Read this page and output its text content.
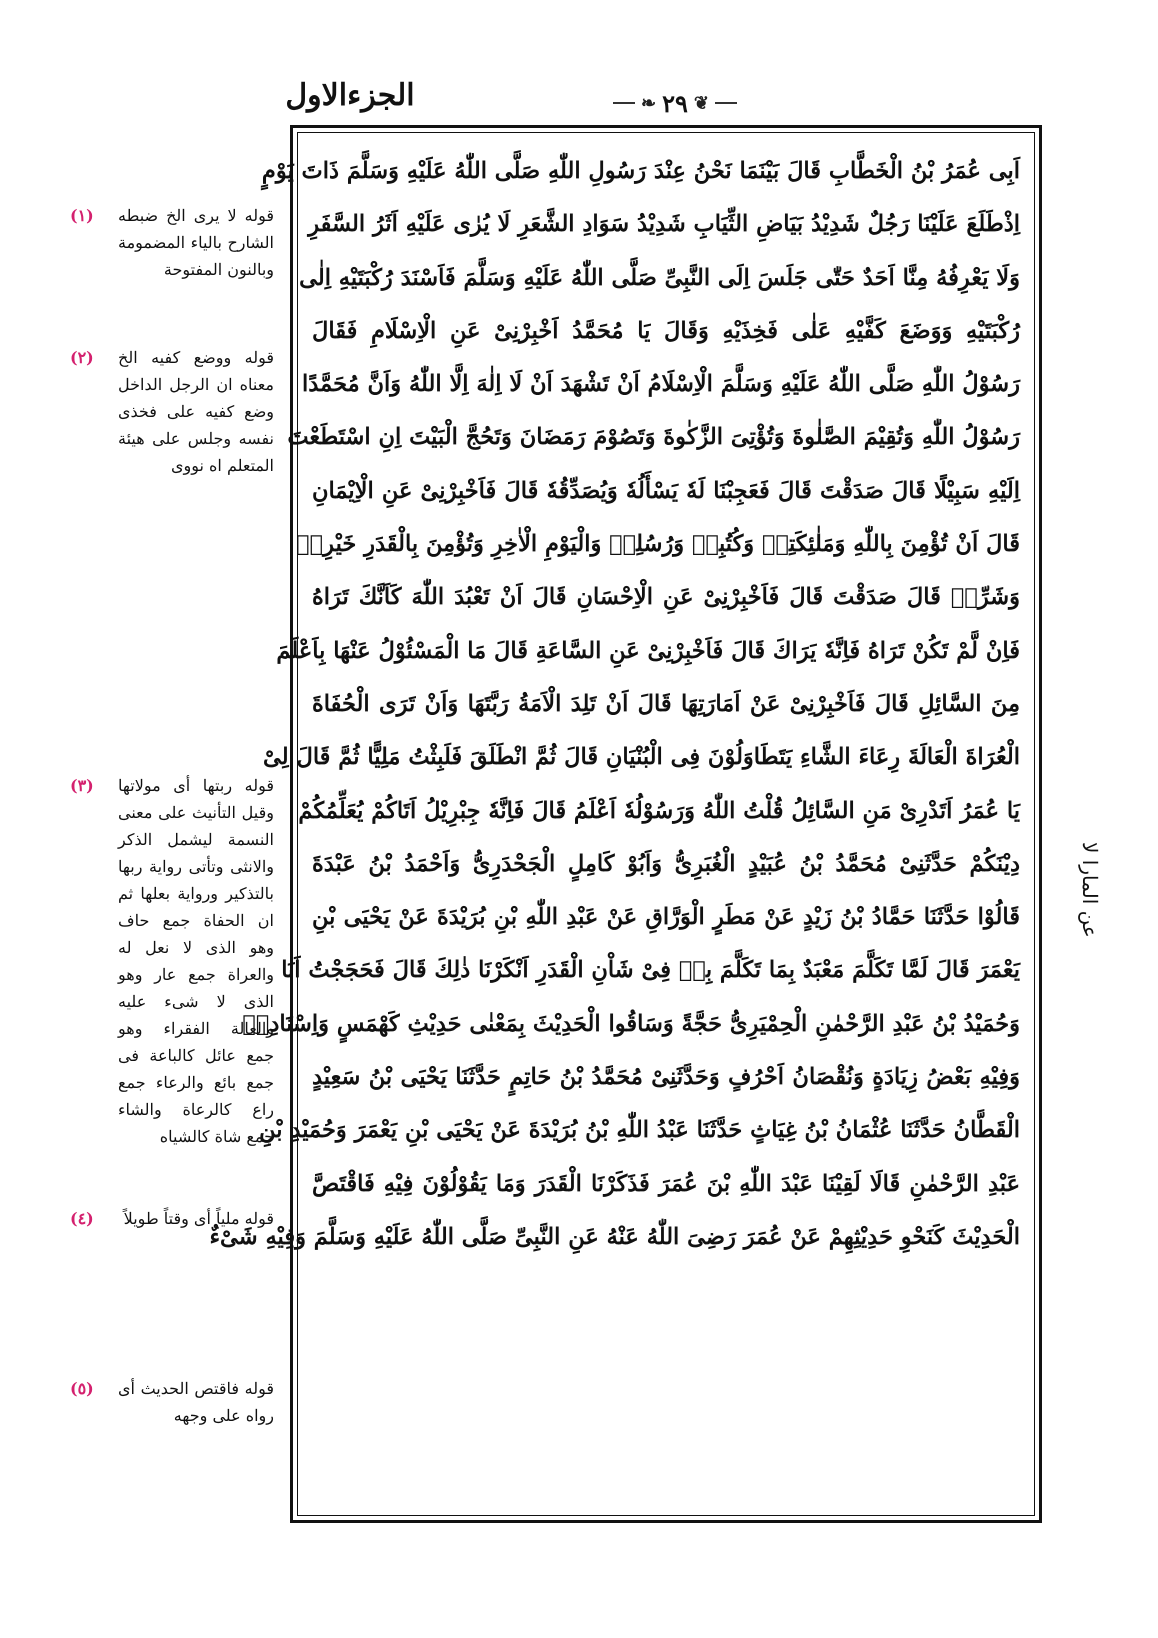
الجزءالاول	❦
٢٩
❧
اَبِی عُمَرُ بْنُ الْخَطَّابِ قَالَ بَیْنَمَا نَحْنُ عِنْدَ رَسُولِ اللّٰهِ صَلَّی اللّٰهُ عَلَیْهِ وَسَلَّمَ ذَاتَ یَوْمٍ
اِذْطَلَعَ عَلَیْنَا رَجُلٌ شَدِیْدُ بَیَاضِ الثِّیَابِ شَدِیْدُ سَوَادِ الشَّعَرِ لَا یُرٰی عَلَیْهِ اَثَرُ السَّفَرِ
وَلَا یَعْرِفُهُ مِنَّا اَحَدٌ حَتّٰی جَلَسَ اِلَی النَّبِیِّ صَلَّی اللّٰهُ عَلَیْهِ وَسَلَّمَ فَاَسْنَدَ رُكْبَتَیْهِ اِلٰی
رُكْبَتَیْهِ وَوَضَعَ كَفَّیْهِ عَلٰی فَخِذَیْهِ وَقَالَ یَا مُحَمَّدُ اَخْبِرْنِیْ عَنِ الْاِسْلَامِ فَقَالَ
رَسُوْلُ اللّٰهِ صَلَّی اللّٰهُ عَلَیْهِ وَسَلَّمَ الْاِسْلَامُ اَنْ تَشْهَدَ اَنْ لَا اِلٰهَ اِلَّا اللّٰهُ وَاَنَّ مُحَمَّدًا
رَسُوْلُ اللّٰهِ وَتُقِیْمَ الصَّلٰوةَ وَتُؤْتِیَ الزَّكٰوةَ وَتَصُوْمَ رَمَضَانَ وَتَحُجَّ الْبَیْتَ اِنِ اسْتَطَعْتَ
اِلَیْهِ سَبِیْلًا قَالَ صَدَقْتَ قَالَ فَعَجِبْنَا لَهٗ یَسْأَلُهٗ وَیُصَدِّقُهٗ قَالَ فَاَخْبِرْنِیْ عَنِ الْاِیْمَانِ
قَالَ اَنْ تُؤْمِنَ بِاللّٰهِ وَمَلٰئِكَتِهٖ وَكُتُبِهٖ وَرُسُلِهٖ وَالْیَوْمِ الْاٰخِرِ وَتُؤْمِنَ بِالْقَدَرِ خَیْرِهٖ
وَشَرِّهٖ قَالَ صَدَقْتَ قَالَ فَاَخْبِرْنِیْ عَنِ الْاِحْسَانِ قَالَ اَنْ تَعْبُدَ اللّٰهَ كَاَنَّكَ تَرَاهُ
فَاِنْ لَّمْ تَكُنْ تَرَاهُ فَاِنَّهٗ یَرَاكَ قَالَ فَاَخْبِرْنِیْ عَنِ السَّاعَةِ قَالَ مَا الْمَسْئُوْلُ عَنْهَا بِاَعْلَمَ
مِنَ السَّائِلِ قَالَ فَاَخْبِرْنِیْ عَنْ اَمَارَتِهَا قَالَ اَنْ تَلِدَ الْاَمَةُ رَبَّتَهَا وَاَنْ تَرَی الْحُفَاةَ
الْعُرَاةَ الْعَالَةَ رِعَاءَ الشَّاءِ یَتَطَاوَلُوْنَ فِی الْبُنْیَانِ قَالَ ثُمَّ انْطَلَقَ فَلَبِثْتُ مَلِیًّا ثُمَّ قَالَ لِیْ
یَا عُمَرُ اَتَدْرِیْ مَنِ السَّائِلُ قُلْتُ اللّٰهُ وَرَسُوْلُهٗ اَعْلَمُ قَالَ فَاِنَّهٗ جِبْرِیْلُ اَتَاكُمْ یُعَلِّمُكُمْ
دِیْنَكُمْ حَدَّثَنِیْ مُحَمَّدُ بْنُ عُبَیْدٍ الْغُبَرِیُّ وَاَبُوْ كَامِلٍ الْجَحْدَرِیُّ وَاَحْمَدُ بْنُ عَبْدَةَ
قَالُوْا حَدَّثَنَا حَمَّادُ بْنُ زَیْدٍ عَنْ مَطَرٍ الْوَرَّاقِ عَنْ عَبْدِ اللّٰهِ بْنِ بُرَیْدَةَ عَنْ یَحْیَی بْنِ
یَعْمَرَ قَالَ لَمَّا تَكَلَّمَ مَعْبَدٌ بِمَا تَكَلَّمَ بِهٖ فِیْ شَاْنِ الْقَدَرِ اَنْكَرْنَا ذٰلِكَ قَالَ فَحَجَجْتُ اَنَا
وَحُمَیْدُ بْنُ عَبْدِ الرَّحْمٰنِ الْحِمْیَرِیُّ حَجَّةً وَسَاقُوا الْحَدِیْثَ بِمَعْنٰی حَدِیْثِ كَهْمَسٍ وَاِسْنَادِهٖ
وَفِیْهِ بَعْضُ زِیَادَةٍ وَنُقْصَانُ اَحْرُفٍ وَحَدَّثَنِیْ مُحَمَّدُ بْنُ حَاتِمٍ حَدَّثَنَا یَحْیَی بْنُ سَعِیْدٍ
الْقَطَّانُ حَدَّثَنَا عُثْمَانُ بْنُ غِیَاثٍ حَدَّثَنَا عَبْدُ اللّٰهِ بْنُ بُرَیْدَةَ عَنْ یَحْیَی بْنِ یَعْمَرَ وَحُمَیْدِ بْنِ
عَبْدِ الرَّحْمٰنِ قَالَا لَقِیْنَا عَبْدَ اللّٰهِ بْنَ عُمَرَ فَذَكَرْنَا الْقَدَرَ وَمَا یَقُوْلُوْنَ فِیْهِ فَاقْتَصَّ
الْحَدِیْثَ كَنَحْوِ حَدِیْثِهِمْ عَنْ عُمَرَ رَضِیَ اللّٰهُ عَنْهُ عَنِ النَّبِیِّ صَلَّی اللّٰهُ عَلَیْهِ وَسَلَّمَ وَفِیْهِ شَیْءٌ
(١) قوله لا یری الخ ضبطه الشارح بالیاء المضمومة وبالنون المفتوحة
(٢) قوله ووضع كفیه الخ معناه ان الرجل الداخل وضع كفیه علی فخذی نفسه وجلس علی هیئة المتعلم اه نووی
(٣) قوله ربتها أی مولاتها وقیل التأنیث علی معنی النسمة لیشمل الذكر والانثی وتأتی روایة ربها بالتذكیر وروایة بعلها ثم ان الحفاة جمع حاف وهو الذی لا نعل له والعراة جمع عار وهو الذی لا شیء علیه والعالة الفقراء وهو جمع عائل كالباعة فی جمع بائع والرعاء جمع راع كالرعاة والشاء جمع شاة كالشیاه
(٤)	قوله ملیاً أی وقتاً طویلاً
(٥) قوله فاقتص الحدیث أی رواه علی وجهه
عن المارا ﻻ
